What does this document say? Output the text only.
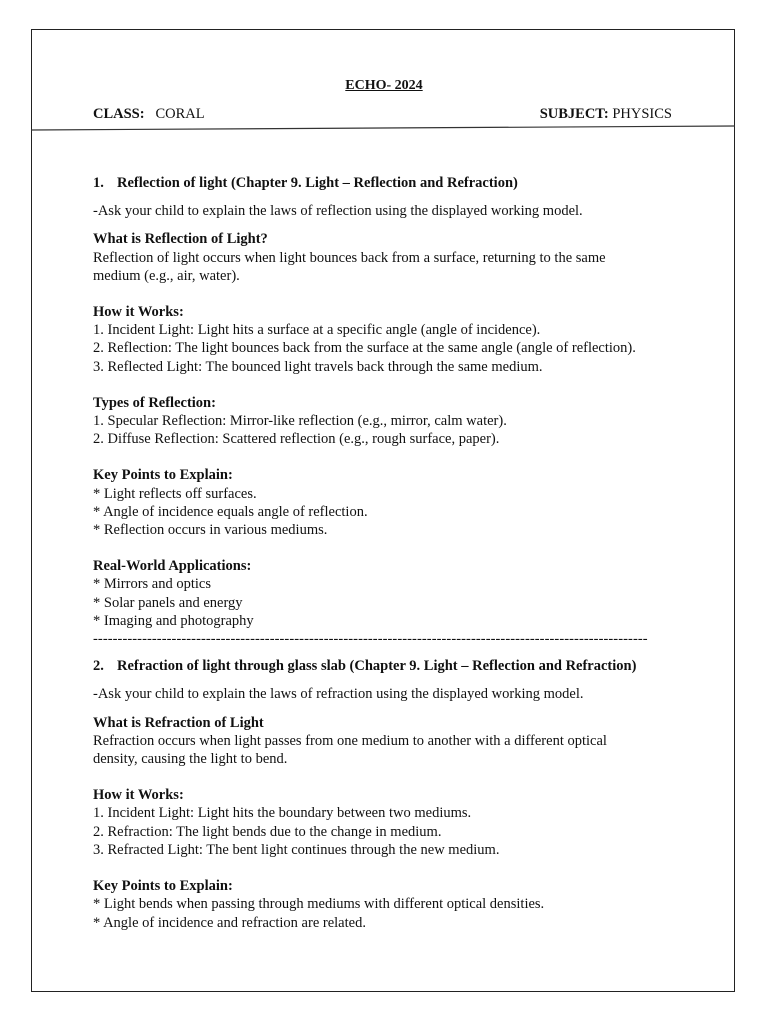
ECHO- 2024
CLASS: CORAL	SUBJECT: PHYSICS

1. Reflection of light (Chapter 9. Light – Reflection and Refraction)

-Ask your child to explain the laws of reflection using the displayed working model.

What is Reflection of Light?
Reflection of light occurs when light bounces back from a surface, returning to the same
medium (e.g., air, water).
How it Works:
1. Incident Light: Light hits a surface at a specific angle (angle of incidence).
2. Reflection: The light bounces back from the surface at the same angle (angle of reflection).
3. Reflected Light: The bounced light travels back through the same medium.
Types of Reflection:
1. Specular Reflection: Mirror-like reflection (e.g., mirror, calm water).
2. Diffuse Reflection: Scattered reflection (e.g., rough surface, paper).
Key Points to Explain:
* Light reflects off surfaces.
* Angle of incidence equals angle of reflection.
* Reflection occurs in various mediums.
Real-World Applications:
* Mirrors and optics
* Solar panels and energy
* Imaging and photography
-----------------------------------------------------------------------------------------------------------------

2. Refraction of light through glass slab (Chapter 9. Light – Reflection and Refraction)

-Ask your child to explain the laws of refraction using the displayed working model.

What is Refraction of Light
Refraction occurs when light passes from one medium to another with a different optical
density, causing the light to bend.
How it Works:
1. Incident Light: Light hits the boundary between two mediums.
2. Refraction: The light bends due to the change in medium.
3. Refracted Light: The bent light continues through the new medium.
Key Points to Explain:
* Light bends when passing through mediums with different optical densities.
* Angle of incidence and refraction are related.
